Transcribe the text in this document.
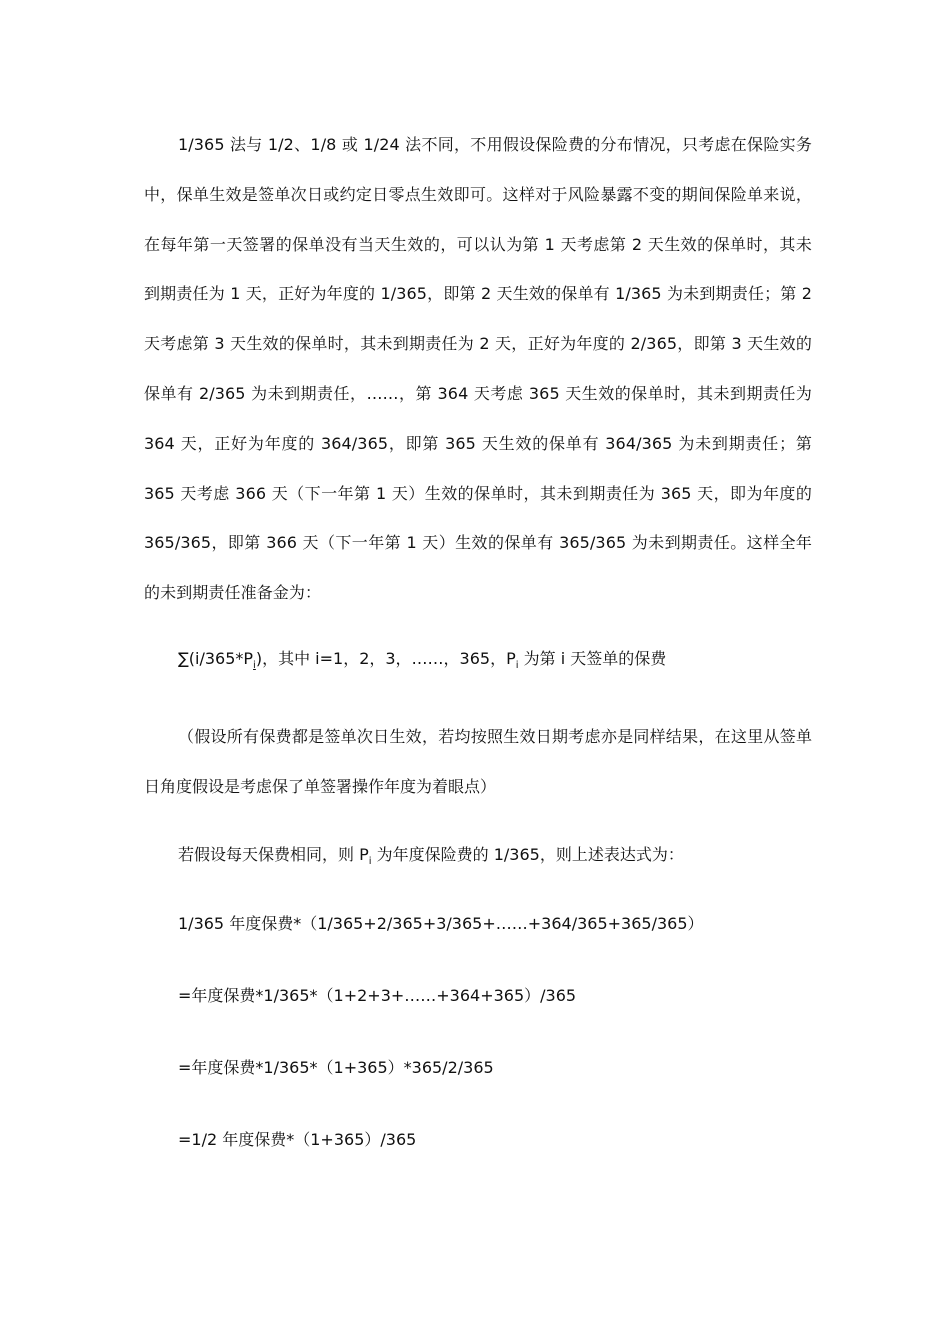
1/365 法与 1/2、1/8 或 1/24 法不同，不用假设保险费的分布情况，只考虑在保险实务中，保单生效是签单次日或约定日零点生效即可。这样对于风险暴露不变的期间保险单来说，在每年第一天签署的保单没有当天生效的，可以认为第 1 天考虑第 2 天生效的保单时，其未到期责任为 1 天，正好为年度的 1/365，即第 2 天生效的保单有 1/365 为未到期责任；第 2 天考虑第 3 天生效的保单时，其未到期责任为 2 天，正好为年度的 2/365，即第 3 天生效的保单有 2/365 为未到期责任，……，第 364 天考虑 365 天生效的保单时，其未到期责任为 364 天，正好为年度的 364/365，即第 365 天生效的保单有 364/365 为未到期责任；第 365 天考虑 366 天（下一年第 1 天）生效的保单时，其未到期责任为 365 天，即为年度的 365/365，即第 366 天（下一年第 1 天）生效的保单有 365/365 为未到期责任。这样全年的未到期责任准备金为：

$\sum(i/365*P_i)$，其中 i=1，2，3，……，365，$P_i$ 为第 i 天签单的保费

（假设所有保费都是签单次日生效，若均按照生效日期考虑亦是同样结果，在这里从签单日角度假设是考虑保了单签署操作年度为着眼点）

若假设每天保费相同，则 $P_i$ 为年度保险费的 1/365，则上述表达式为：

1/365 年度保费*（1/365+2/365+3/365+……+364/365+365/365）

=年度保费*1/365*（1+2+3+……+364+365）/365

=年度保费*1/365*（1+365）*365/2/365

=1/2 年度保费*（1+365）/365
